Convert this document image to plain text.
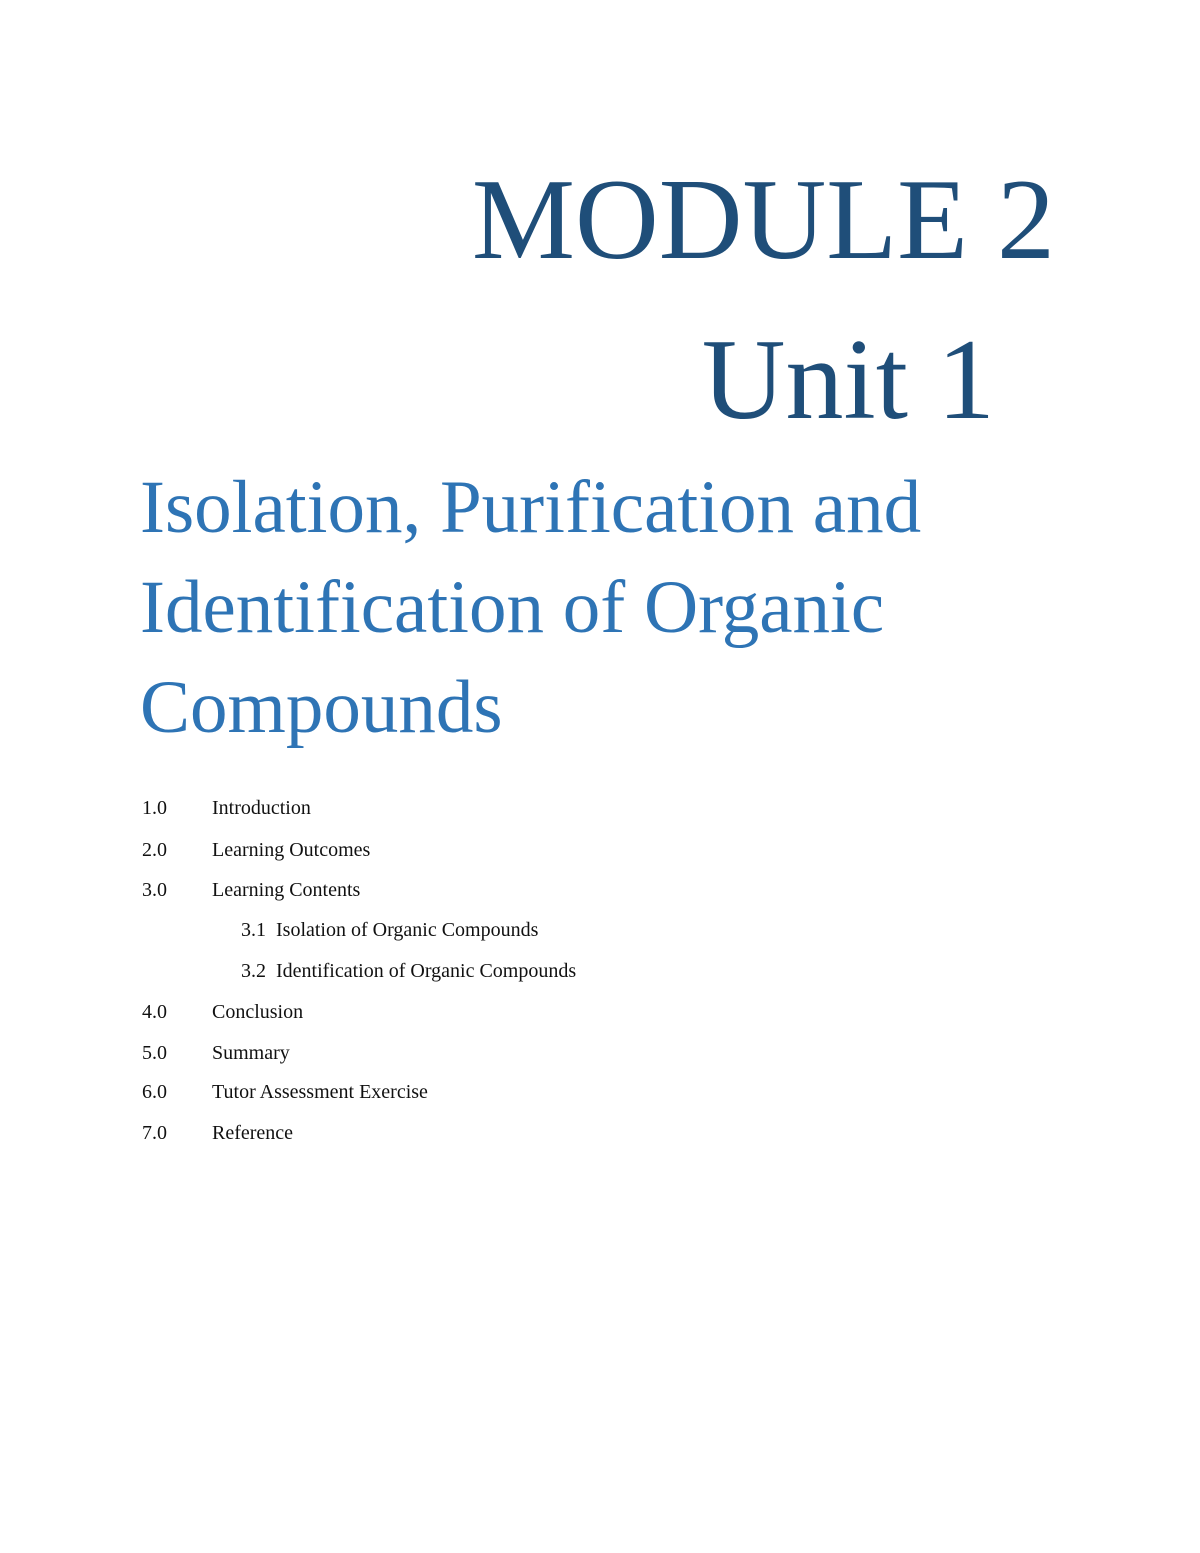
MODULE 2
Unit 1
Isolation, Purification and
Identification of Organic
Compounds
1.0 Introduction
2.0 Learning Outcomes
3.0 Learning Contents
3.1 Isolation of Organic Compounds
3.2 Identification of Organic Compounds
4.0 Conclusion
5.0 Summary
6.0 Tutor Assessment Exercise
7.0 Reference
